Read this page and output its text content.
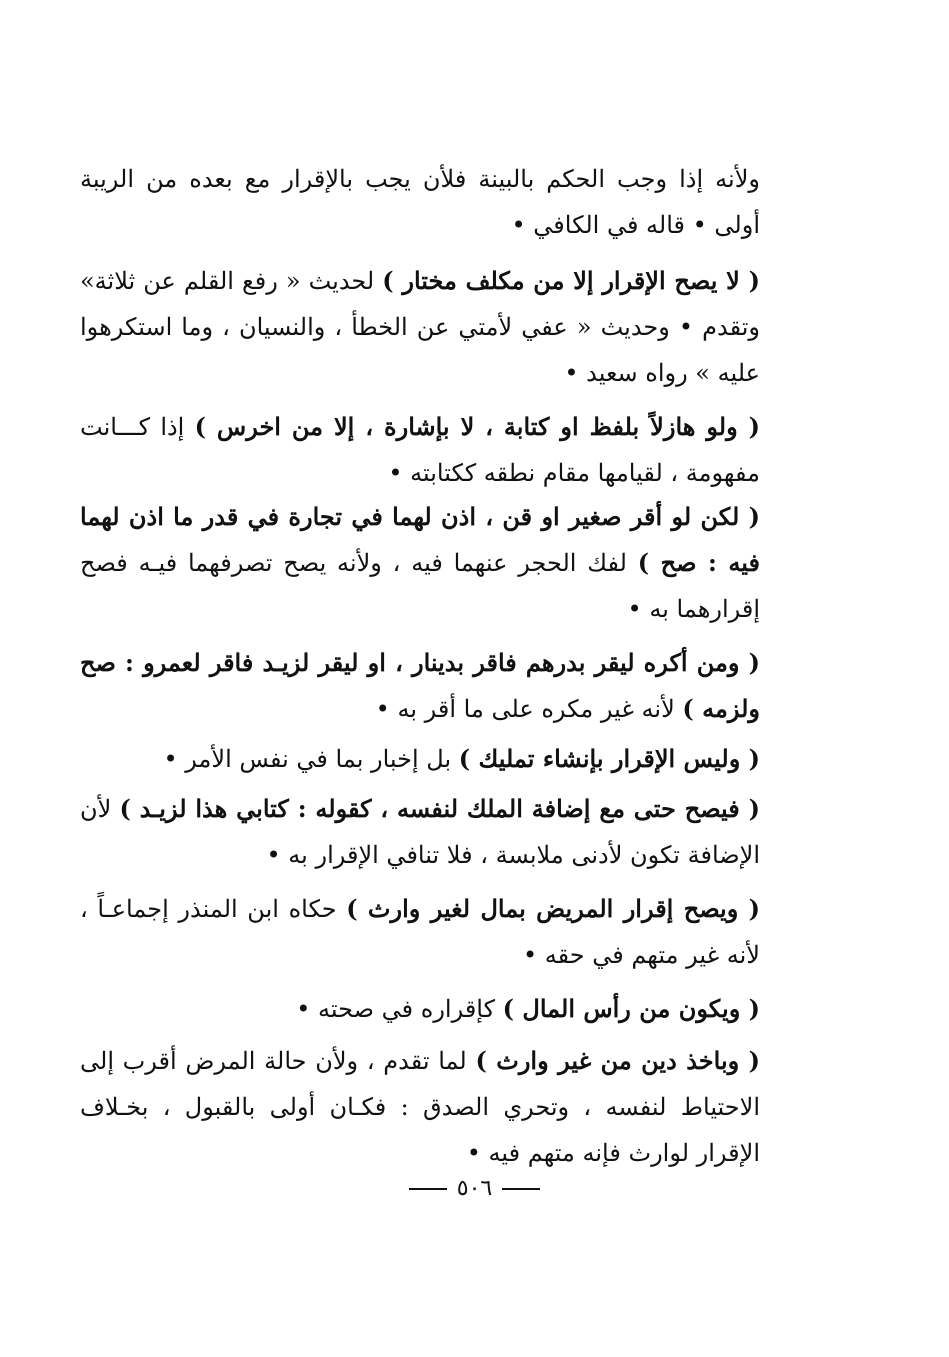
ولأنه إذا وجب الحكم بالبينة فلأن يجب بالإقرار مع بعده من الريبة أولى • قاله في الكافي •

( لا يصح الإقرار إلا من مكلف مختار ) لحديث « رفع القلم عن ثلاثة» وتقدم • وحديث « عفي لأمتي عن الخطأ ، والنسيان ، وما استكرهوا عليه » رواه سعيد •

( ولو هازلاً بلفظ او كتابة ، لا بإشارة ، إلا من اخرس ) إذا كـــانت مفهومة ، لقيامها مقام نطقه ككتابته •

( لكن لو أقر صغير او قن ، اذن لهما في تجارة في قدر ما اذن لهما فيه : صح ) لفك الحجر عنهما فيه ، ولأنه يصح تصرفهما فيـه فصح إقرارهما به •

( ومن أكره ليقر بدرهم فاقر بدينار ، او ليقر لزيـد فاقر لعمرو : صح ولزمه ) لأنه غير مكره على ما أقر به •

( وليس الإقرار بإنشاء تمليك ) بل إخبار بما في نفس الأمر •

( فيصح حتى مع إضافة الملك لنفسه ، كقوله : كتابي هذا لزيـد ) لأن الإضافة تكون لأدنى ملابسة ، فلا تنافي الإقرار به •

( ويصح إقرار المريض بمال لغير وارث ) حكاه ابن المنذر إجماعـاً ، لأنه غير متهم في حقه •

( ويكون من رأس المال ) كإقراره في صحته •

( وباخذ دين من غير وارث ) لما تقدم ، ولأن حالة المرض أقرب إلى الاحتياط لنفسه ، وتحري الصدق : فكـان أولى بالقبول ، بخـلاف الإقرار لوارث فإنه متهم فيه •

٥٠٦
